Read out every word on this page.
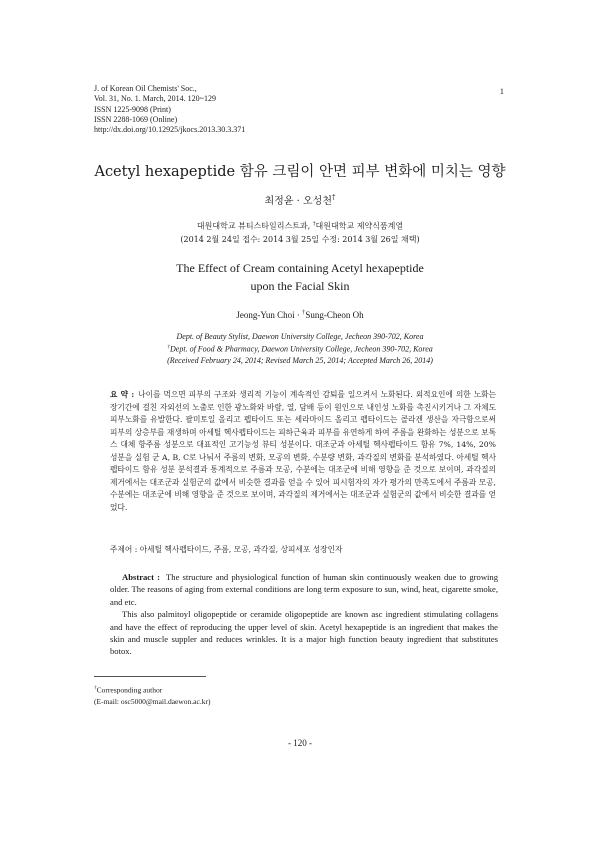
J. of Korean Oil Chemists' Soc.,
Vol. 31, No. 1. March, 2014. 120~129
ISSN 1225-9098 (Print)
ISSN 2288-1069 (Online)
http://dx.doi.org/10.12925/jkocs.2013.30.3.371
1
Acetyl hexapeptide 함유 크림이 안면 피부 변화에 미치는 영향
최정윤 · 오성천†
대원대학교 뷰티스타일리스트과, †대원대학교 제약식품계열
(2014 2월 24일 접수: 2014 3월 25일 수정: 2014 3월 26일 채택)
The Effect of Cream containing Acetyl hexapeptide
upon the Facial Skin
Jeong-Yun Choi · †Sung-Cheon Oh
Dept. of Beauty Stylist, Daewon University College, Jecheon 390-702, Korea
†Dept. of Food & Pharmacy, Daewon University College, Jecheon 390-702, Korea
(Received February 24, 2014; Revised March 25, 2014; Accepted March 26, 2014)
요 약 : 나이를 먹으면 피부의 구조와 생리적 기능이 계속적인 감퇴를 일으켜서 노화된다. 외적요인에 의한 노화는 장기간에 걸친 자외선의 노출로 인한 광노화와 바람, 열, 담배 등이 원인으로 내인성 노화를 촉진시키거나 그 자체도 피부노화를 유발한다. 팔미토일 올리고 펩타이드 또는 세라마이드 올리고 펩타이드는 콜라겐 생산을 자극함으로써 피부의 상층부를 재생하며 아세틸 헥사펩타이드는 피하근육과 피부를 유연하게 하여 주름을 완화하는 성분으로 보톡스 대체 항주름 성분으로 대표적인 고기능성 뷰티 성분이다. 대조군과 아세틸 헥사펩타이드 함유 7%, 14%, 20% 성분을 실험 군 A, B, C로 나눠서 주름의 변화, 모공의 변화, 수분량 변화, 과각질의 변화를 분석하였다. 아세틸 헥사펩타이드 함유 성분 분석결과 통계적으로 주름과 모공, 수분에는 대조군에 비해 영향을 준 것으로 보이며, 과각질의 제거에서는 대조군과 실험군의 값에서 비슷한 결과를 얻을 수 있어 피시험자의 자가 평가의 만족도에서 주름과 모공, 수분에는 대조군에 비해 영향을 준 것으로 보이며, 과각질의 제거에서는 대조군과 실험군의 값에서 비슷한 결과를 얻었다.
주제어 : 아세틸 헥사펩타이드, 주름, 모공, 과각질, 상피세포 성장인자

Abstract : The structure and physiological function of human skin continuously weaken due to growing older. The reasons of aging from external conditions are long term exposure to sun, wind, heat, cigarette smoke, and etc.

This also palmitoyl oligopeptide or ceramide oligopeptide are known asc ingredient stimulating collagens and have the effect of reproducing the upper level of skin. Acetyl hexapeptide is an ingredient that makes the skin and muscle suppler and reduces wrinkles. It is a major high function beauty ingredient that substitutes botox.

†Corresponding author
(E-mail: osc5000@mail.daewon.ac.kr)
- 120 -
